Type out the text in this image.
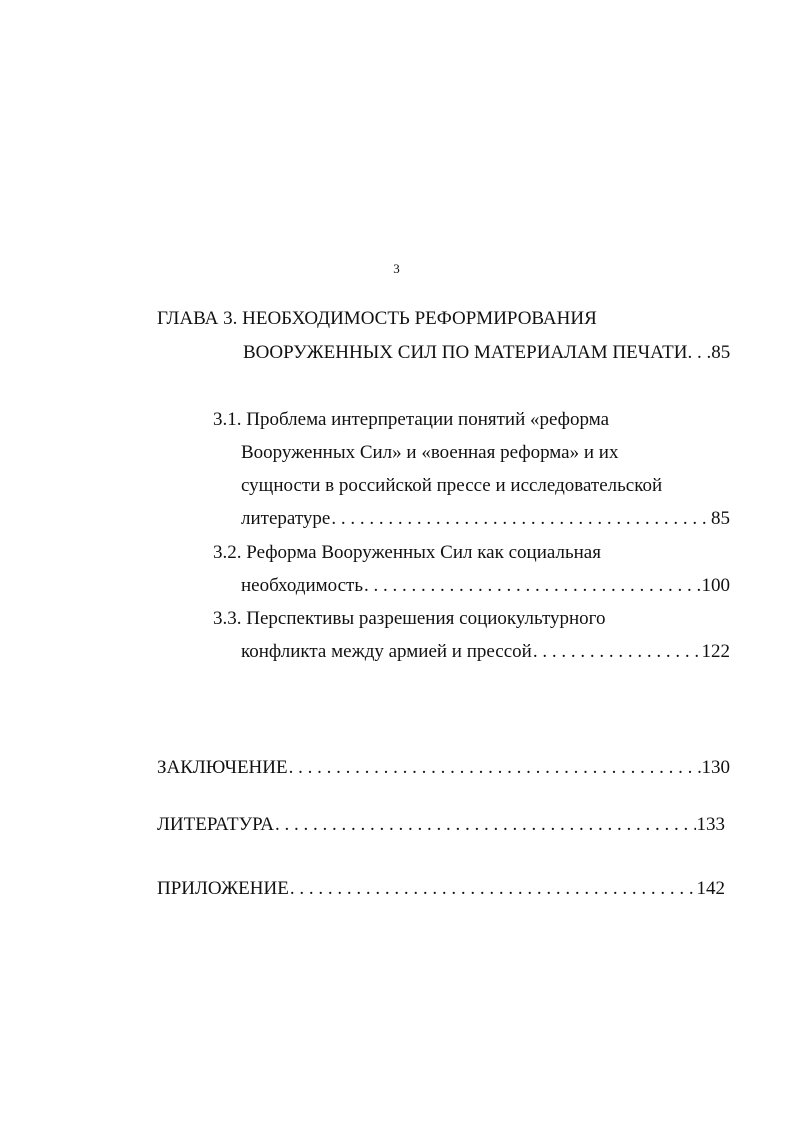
3
ГЛАВА 3. НЕОБХОДИМОСТЬ РЕФОРМИРОВАНИЯ
ВООРУЖЕННЫХ СИЛ ПО МАТЕРИАЛАМ ПЕЧАТИ. . .85
3.1. Проблема интерпретации понятий «реформа
Вооруженных Сил» и «военная реформа» и их
сущности в российской прессе и исследовательской
литературе . . .	85
3.2. Реформа Вооруженных Сил как социальная
необходимость . . .	100
3.3. Перспективы разрешения социокультурного
конфликта между армией и прессой . . .	122
ЗАКЛЮЧЕНИЕ . . .	130
ЛИТЕРАТУРА . . .	133
ПРИЛОЖЕНИЕ . . .	142
